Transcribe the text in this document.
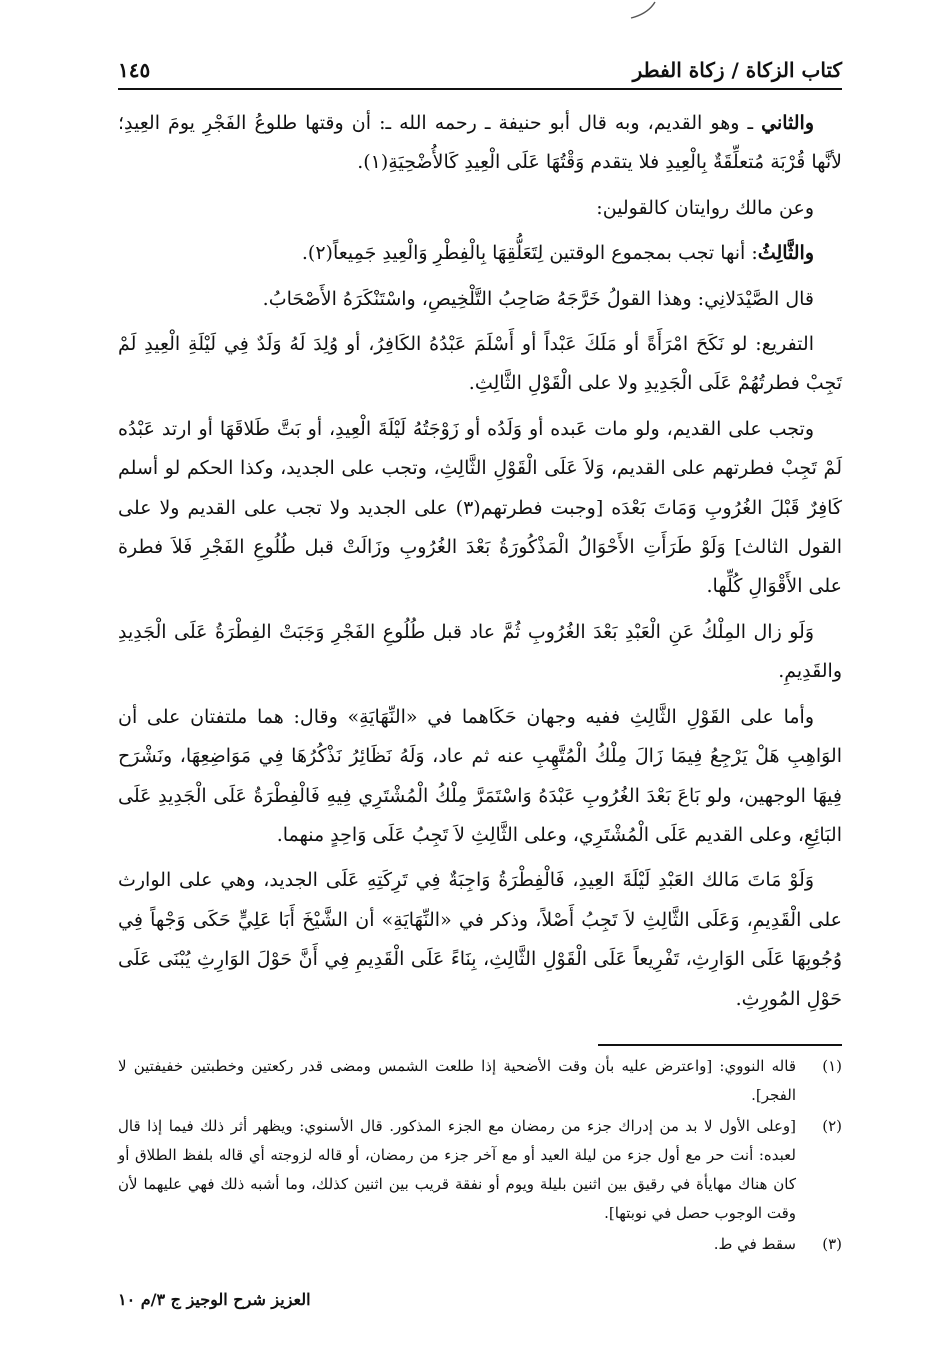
كتاب الزكاة / زكاة الفطر
١٤٥

والثاني ـ وهو القديم، وبه قال أبو حنيفة ـ رحمه الله ـ: أن وقتها طلوعُ الفَجْرِ يومَ العِيدِ؛ لأنَّها قُرْبَة مُتعلِّقَةٌ بِالْعِيدِ فلا يتقدم وَقْتُهَا عَلَى الْعِيدِ كَالأُضْحِيَةِ(١).

وعن مالك روايتان كالقولين:

والثَّالِثُ: أنها تجب بمجموع الوقتين لِتَعَلُّقِهَا بِالْفِطْرِ وَالْعِيدِ جَمِيعاً(٢).

قال الصَّيْدَلانِي: وهذا القولُ خَرَّجَهُ صَاحِبُ التَّلْخِيصِ، واسْتَنْكَرَهُ الأَصْحَابُ.

التفريع: لو نَكَحَ امْرَأَةً أو مَلَكَ عَبْداً أو أَسْلَمَ عَبْدُهُ الكَافِرُ، أو وُلِدَ لَهُ وَلَدٌ فِي لَيْلَةِ الْعِيدِ لَمْ تَجِبْ فطرتُهُمْ عَلَى الْجَدِيدِ ولا على الْقَوْلِ الثَّالِثِ.

وتجب على القديم، ولو مات عَبده أو وَلَدُه أو زَوْجَتُهُ لَيْلَةَ الْعِيدِ، أو بَتَّ طَلاقَهَا أو ارتد عَبْدُه لَمْ تَجِبْ فطرتهم على القديم، وَلاَ عَلَى الْقَوْلِ الثَّالِثِ، وتجب على الجديد، وكذا الحكم لو أسلم كَافِرٌ قَبْلَ الغُرُوبِ وَمَاتَ بَعْدَه [وجبت فطرتهم(٣) على الجديد ولا تجب على القديم ولا على القول الثالث] وَلَوْ طَرَأَتِ الأَحْوَالُ الْمَذْكُورَةُ بَعْدَ الغُرُوبِ وزَالَتْ قبل طُلُوعِ الفَجْرِ فَلاَ فطرة على الأَقْوَالِ كُلِّها.

وَلَو زال المِلْكُ عَنِ الْعَبْدِ بَعْدَ الغُرُوبِ ثُمَّ عاد قبل طُلُوعِ الفَجْرِ وَجَبَتْ الفِطْرَةُ عَلَى الْجَدِيدِ والقَدِيمِ.

وأما على القَوْلِ الثَّالِثِ ففيه وجهان حَكَاهما في «النِّهَايَةِ» وقال: هما ملتفتان على أن الوَاهِبِ هَلْ يَرْجِعُ فِيمَا زَالَ مِلْكُ الْمُتَّهِبِ عنه ثم عاد، وَلَهُ نَظَائِرُ نَذْكُرُهَا فِي مَوَاضِعِهَا، ونَشْرَح فِيهَا الوجهين، ولو بَاعَ بَعْدَ الغُرُوبِ عَبْدَهُ وَاسْتَمَرَّ مِلْكُ الْمُشْتَرِي فِيهِ فَالْفِطْرَةُ عَلَى الْجَدِيدِ عَلَى البَائِعِ، وعلى القديم عَلَى الْمُشْتَرِي، وعلى الثَّالِثِ لاَ تَجِبُ عَلَى وَاحِدٍ منهما.

وَلَوْ مَاتَ مَالك العَبْدِ لَيْلَةَ العِيدِ، فَالْفِطْرَةُ وَاجِبَةٌ فِي تَرِكَتِهِ عَلَى الجديد، وهي على الوارث على الْقَدِيمِ، وَعَلَى الثَّالِثِ لاَ تَجِبُ أَصْلاً، وذكر في «النِّهَايَةِ» أن الشَّيْخَ أَبَا عَلِيٍّ حَكَى وَجْهاً فِي وُجُوبِهَا عَلَى الوَارِثِ، تَفْرِيعاً عَلَى الْقَوْلِ الثَّالِثِ، بِنَاءً عَلَى الْقَدِيمِ فِي أَنَّ حَوْلَ الوَارِثِ يُبْنَى عَلَى حَوْلِ المُورِثِ.

(١)
قاله النووي: [واعترض عليه بأن وقت الأضحية إذا طلعت الشمس ومضى قدر ركعتين وخطبتين خفيفتين لا الفجر].
(٢)
[وعلى الأول لا بد من إدراك جزء من رمضان مع الجزء المذكور. قال الأسنوي: ويظهر أثر ذلك فيما إذا قال لعبده: أنت حر مع أول جزء من ليلة العيد أو مع آخر جزء من رمضان، أو قاله لزوجته أي قاله بلفظ الطلاق أو كان هناك مهايأة في رقيق بين اثنين بليلة ويوم أو نفقة قريب بين اثنين كذلك، وما أشبه ذلك فهي عليهما لأن وقت الوجوب حصل في نوبتها].
(٣)
سقط في ط.
العزيز شرح الوجيز ج ٣/م ١٠
